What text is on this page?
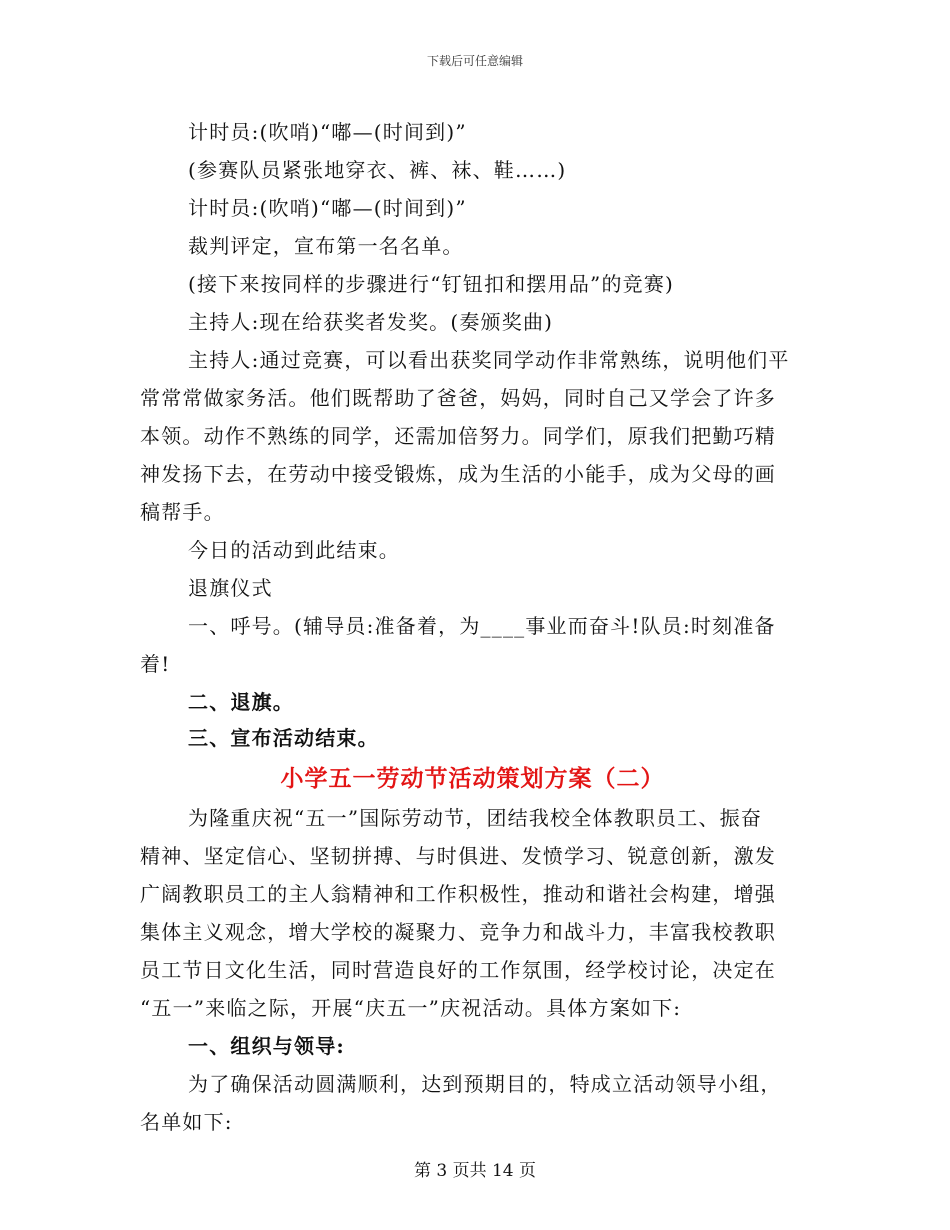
下载后可任意编辑
计时员:(吹哨)“嘟—(时间到)”
(参赛队员紧张地穿衣、裤、袜、鞋……)
计时员:(吹哨)“嘟—(时间到)”
裁判评定，宣布第一名名单。
(接下来按同样的步骤进行“钉钮扣和摆用品”的竞赛)
主持人:现在给获奖者发奖。(奏颁奖曲)
主持人:通过竞赛，可以看出获奖同学动作非常熟练，说明他们平
常常常做家务活。他们既帮助了爸爸，妈妈，同时自己又学会了许多
本领。动作不熟练的同学，还需加倍努力。同学们，原我们把勤巧精
神发扬下去，在劳动中接受锻炼，成为生活的小能手，成为父母的画
稿帮手。
今日的活动到此结束。
退旗仪式
一、呼号。(辅导员:准备着，为____事业而奋斗!队员:时刻准备
着!
二、退旗。
三、宣布活动结束。
小学五一劳动节活动策划方案（二）
为隆重庆祝“五一”国际劳动节，团结我校全体教职员工、振奋
精神、坚定信心、坚韧拼搏、与时俱进、发愤学习、锐意创新，激发
广阔教职员工的主人翁精神和工作积极性，推动和谐社会构建，增强
集体主义观念，增大学校的凝聚力、竞争力和战斗力，丰富我校教职
员工节日文化生活，同时营造良好的工作氛围，经学校讨论，决定在
“五一”来临之际，开展“庆五一”庆祝活动。具体方案如下:
一、组织与领导:
为了确保活动圆满顺利，达到预期目的，特成立活动领导小组，
名单如下:
第 3 页共 14 页
